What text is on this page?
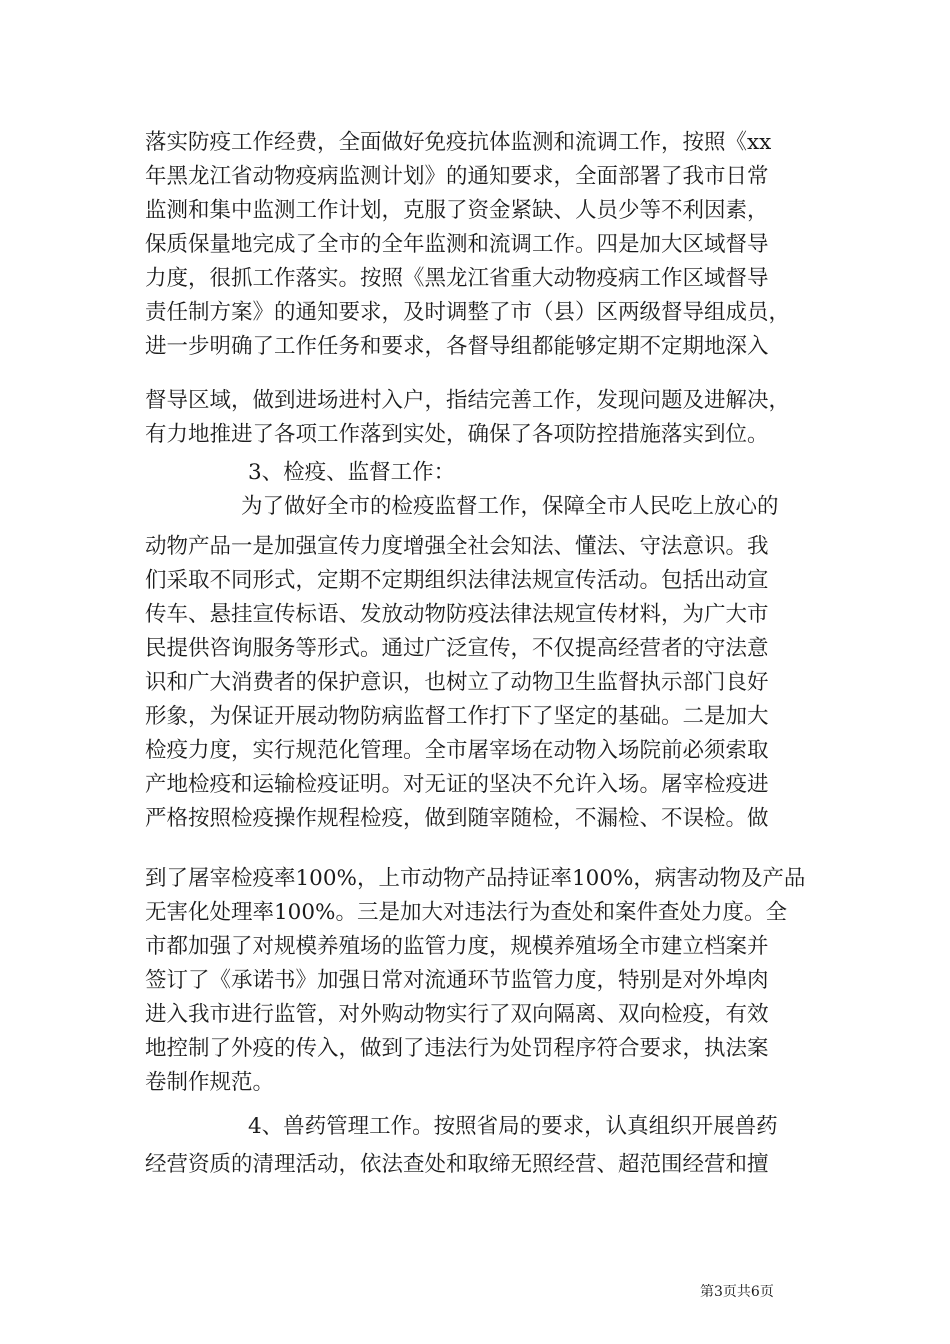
落实防疫工作经费，全面做好免疫抗体监测和流调工作，按照《xx
年黑龙江省动物疫病监测计划》的通知要求，全面部署了我市日常
监测和集中监测工作计划，克服了资金紧缺、人员少等不利因素，
保质保量地完成了全市的全年监测和流调工作。四是加大区域督导
力度，很抓工作落实。按照《黑龙江省重大动物疫病工作区域督导
责任制方案》的通知要求，及时调整了市（县）区两级督导组成员，
进一步明确了工作任务和要求，各督导组都能够定期不定期地深入
督导区域，做到进场进村入户，指结完善工作，发现问题及进解决，
有力地推进了各项工作落到实处，确保了各项防控措施落实到位。
3、检疫、监督工作：
为了做好全市的检疫监督工作，保障全市人民吃上放心的
动物产品一是加强宣传力度增强全社会知法、懂法、守法意识。我
们采取不同形式，定期不定期组织法律法规宣传活动。包括出动宣
传车、悬挂宣传标语、发放动物防疫法律法规宣传材料，为广大市
民提供咨询服务等形式。通过广泛宣传，不仅提高经营者的守法意
识和广大消费者的保护意识，也树立了动物卫生监督执示部门良好
形象，为保证开展动物防病监督工作打下了坚定的基础。二是加大
检疫力度，实行规范化管理。全市屠宰场在动物入场院前必须索取
产地检疫和运输检疫证明。对无证的坚决不允许入场。屠宰检疫进
严格按照检疫操作规程检疫，做到随宰随检，不漏检、不误检。做
到了屠宰检疫率100%，上市动物产品持证率100%，病害动物及产品
无害化处理率100%。三是加大对违法行为查处和案件查处力度。全
市都加强了对规模养殖场的监管力度，规模养殖场全市建立档案并
签订了《承诺书》加强日常对流通环节监管力度，特别是对外埠肉
进入我市进行监管，对外购动物实行了双向隔离、双向检疫，有效
地控制了外疫的传入，做到了违法行为处罚程序符合要求，执法案
卷制作规范。
4、兽药管理工作。按照省局的要求，认真组织开展兽药
经营资质的清理活动，依法查处和取缔无照经营、超范围经营和擅
第3页共6页
